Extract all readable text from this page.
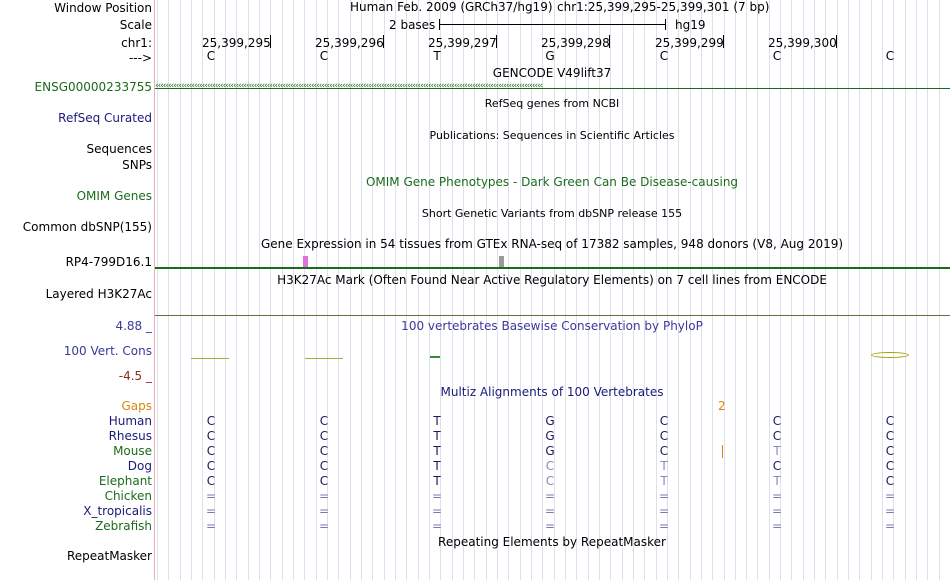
Window Position
Scale
chr1:
--->
ENSG00000233755
RefSeq Curated
Sequences
SNPs
OMIM Genes
Common dbSNP(155)
RP4-799D16.1
Layered H3K27Ac
4.88 _
100 Vert. Cons
-4.5 _
Gaps
Human
Rhesus
Mouse
Dog
Elephant
Chicken
X_tropicalis
Zebrafish
RepeatMasker
Human Feb. 2009 (GRCh37/hg19) chr1:25,399,295-25,399,301 (7 bp)
2 bases	hg19
25,399,295	25,399,296	25,399,297	25,399,298	25,399,299	25,399,300
C	C	T	G	C	C	C
GENCODE V49lift37
‹‹‹‹‹‹‹‹‹‹‹‹‹‹‹‹‹‹‹‹‹‹‹‹‹‹‹‹‹‹‹‹‹‹‹‹‹‹‹‹‹‹‹‹‹‹‹‹‹‹‹‹‹‹‹‹‹‹‹‹‹‹‹‹‹‹‹‹‹‹‹‹‹‹‹‹‹‹‹‹‹‹‹‹‹‹‹‹‹‹‹‹‹‹‹‹‹‹‹‹‹‹‹‹‹‹‹‹‹‹‹‹‹‹‹‹‹‹‹‹‹‹‹‹‹‹‹‹‹‹‹‹‹‹‹‹‹‹‹‹‹‹‹‹‹‹‹‹‹
RefSeq genes from NCBI
Publications: Sequences in Scientific Articles
OMIM Gene Phenotypes - Dark Green Can Be Disease-causing
Short Genetic Variants from dbSNP release 155
Gene Expression in 54 tissues from GTEx RNA-seq of 17382 samples, 948 donors (V8, Aug 2019)
H3K27Ac Mark (Often Found Near Active Regulatory Elements) on 7 cell lines from ENCODE
100 vertebrates Basewise Conservation by PhyloP
Multiz Alignments of 100 Vertebrates
2
C	C	T	G	C	C	C
C	C	T	G	C	C	C
C	C	T	G	C	T	C
C	C	T	C	T	C	C
C	C	T	C	T	T	C
=	=	=	=	=	=	=
=	=	=	=	=	=	=
=	=	=	=	=	=	=
Repeating Elements by RepeatMasker
